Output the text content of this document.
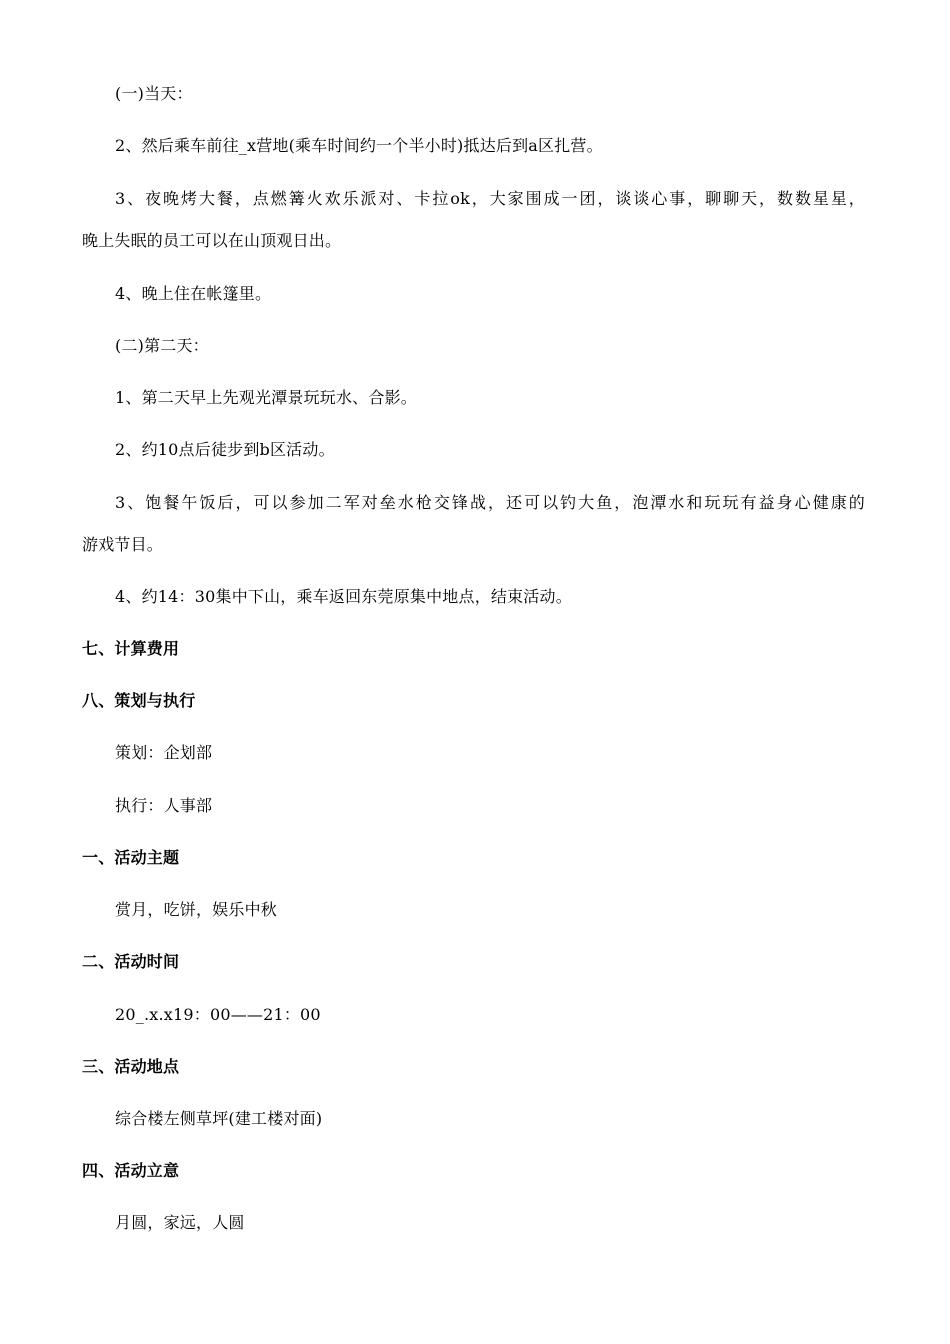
(一)当天：
2、然后乘车前往_x营地(乘车时间约一个半小时)抵达后到a区扎营。
3、夜晚烤大餐，点燃篝火欢乐派对、卡拉ok，大家围成一团，谈谈心事，聊聊天，数数星星，
晚上失眠的员工可以在山顶观日出。
4、晚上住在帐篷里。
(二)第二天：
1、第二天早上先观光潭景玩玩水、合影。
2、约10点后徒步到b区活动。
3、饱餐午饭后，可以参加二军对垒水枪交锋战，还可以钓大鱼，泡潭水和玩玩有益身心健康的
游戏节目。
4、约14：30集中下山，乘车返回东莞原集中地点，结束活动。
七、计算费用
八、策划与执行
策划：企划部
执行：人事部
一、活动主题
赏月，吃饼，娱乐中秋
二、活动时间
20_.x.x19：00——21：00
三、活动地点
综合楼左侧草坪(建工楼对面)
四、活动立意
月圆，家远，人圆
